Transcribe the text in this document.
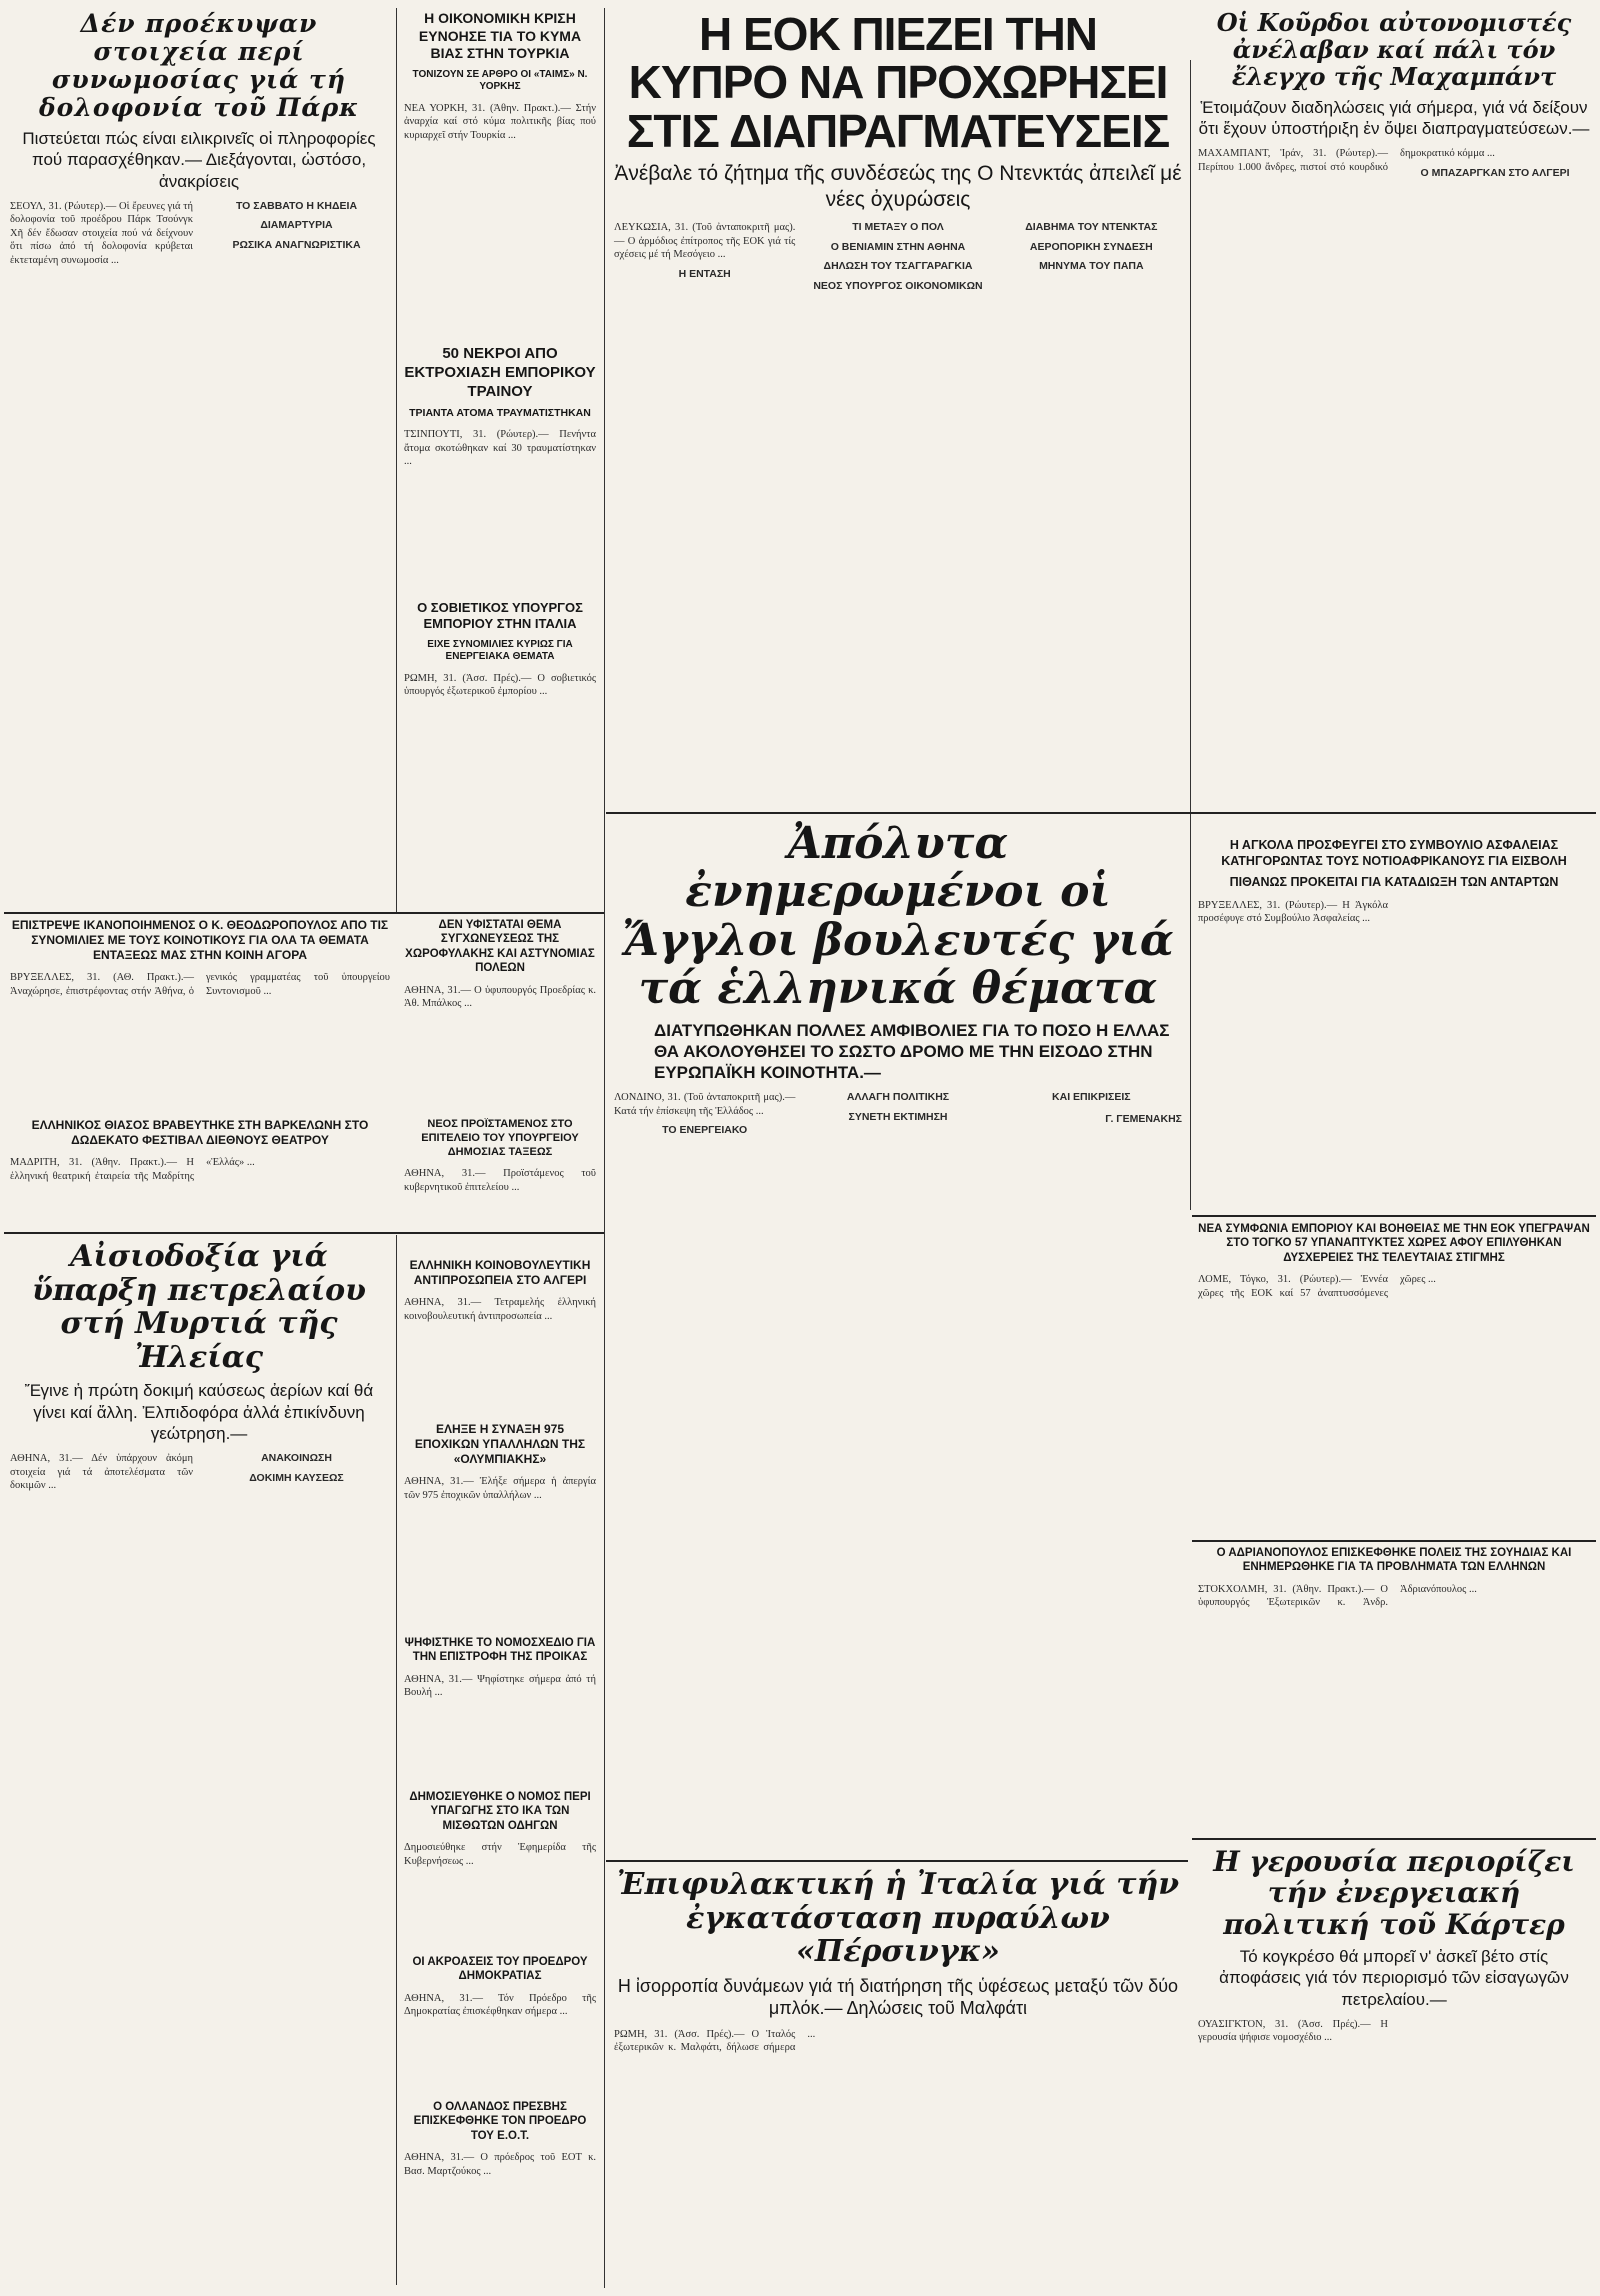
Δέν προέκυψαν στοιχεία περί συνωμοσίας γιά τή δολοφονία τοῦ Πάρκ

Πιστεύεται πώς είναι ειλικρινεῖς οἱ πληροφορίες πού παρασχέθηκαν.— Διεξάγονται, ὡστόσο, ἀνακρίσεις

ΣΕΟΥΛ, 31. (Ρώυτερ).— Οἱ ἔρευνες γιά τή δολοφονία τοῦ προέδρου Πάρκ Τσούνγκ Χῆ δέν ἔδωσαν στοιχεία πού νά δείχνουν ὅτι πίσω ἀπό τή δολοφονία κρύβεται ἐκτεταμένη συνωμοσία ...

ΤΟ ΣΑΒΒΑΤΟ Η ΚΗΔΕΙΑ
ΔΙΑΜΑΡΤΥΡΙΑ
ΡΩΣΙΚΑ ΑΝΑΓΝΩΡΙΣΤΙΚΑ
Η ΟΙΚΟΝΟΜΙΚΗ ΚΡΙΣΗ ΕΥΝΟΗΣΕ ΤΙΑ ΤΟ ΚΥΜΑ ΒΙΑΣ ΣΤΗΝ ΤΟΥΡΚΙΑ

ΤΟΝΙΖΟΥΝ ΣΕ ΑΡΘΡΟ ΟΙ «ΤΑΙΜΣ» Ν. ΥΟΡΚΗΣ

ΝΕΑ ΥΟΡΚΗ, 31. (Ἀθην. Πρακτ.).— Στήν ἀναρχία καί στό κύμα πολιτικῆς βίας πού κυριαρχεῖ στήν Τουρκία ...
50 ΝΕΚΡΟΙ ΑΠΟ ΕΚΤΡΟΧΙΑΣΗ ΕΜΠΟΡΙΚΟΥ ΤΡΑΙΝΟΥ

ΤΡΙΑΝΤΑ ΑΤΟΜΑ ΤΡΑΥΜΑΤΙΣΤΗΚΑΝ

ΤΣΙΝΠΟΥΤΙ, 31. (Ρώυτερ).— Πενήντα ἄτομα σκοτώθηκαν καί 30 τραυματίστηκαν ...
Ο ΣΟΒΙΕΤΙΚΟΣ ΥΠΟΥΡΓΟΣ ΕΜΠΟΡΙΟΥ ΣΤΗΝ ΙΤΑΛΙΑ

ΕΙΧΕ ΣΥΝΟΜΙΛΙΕΣ ΚΥΡΙΩΣ ΓΙΑ ΕΝΕΡΓΕΙΑΚΑ ΘΕΜΑΤΑ

ΡΩΜΗ, 31. (Ἀσσ. Πρές).— Ο σοβιετικός ὑπουργός ἐξωτερικοῦ ἐμπορίου ...
ΕΠΙΣΤΡΕΨΕ ΙΚΑΝΟΠΟΙΗΜΕΝΟΣ Ο Κ. ΘΕΟΔΩΡΟΠΟΥΛΟΣ ΑΠΟ ΤΙΣ ΣΥΝΟΜΙΛΙΕΣ ΜΕ ΤΟΥΣ ΚΟΙΝΟΤΙΚΟΥΣ ΓΙΑ ΟΛΑ ΤΑ ΘΕΜΑΤΑ ΕΝΤΑΞΕΩΣ ΜΑΣ ΣΤΗΝ ΚΟΙΝΗ ΑΓΟΡΑ
ΒΡΥΞΕΛΛΕΣ, 31. (ΑΘ. Πρακτ.).— Ἀναχώρησε, ἐπιστρέφοντας στήν Ἀθήνα, ὁ γενικός γραμματέας τοῦ ὑπουργείου Συντονισμοῦ ...
ΕΛΛΗΝΙΚΟΣ ΘΙΑΣΟΣ ΒΡΑΒΕΥΤΗΚΕ ΣΤΗ ΒΑΡΚΕΛΩΝΗ ΣΤΟ ΔΩΔΕΚΑΤΟ ΦΕΣΤΙΒΑΛ ΔΙΕΘΝΟΥΣ ΘΕΑΤΡΟΥ
ΜΑΔΡΙΤΗ, 31. (Ἀθην. Πρακτ.).— Η ἑλληνική θεατρική ἐταιρεία τῆς Μαδρίτης «Ἑλλάς» ...
ΔΕΝ ΥΦΙΣΤΑΤΑΙ ΘΕΜΑ ΣΥΓΧΩΝΕΥΣΕΩΣ ΤΗΣ ΧΩΡΟΦΥΛΑΚΗΣ ΚΑΙ ΑΣΤΥΝΟΜΙΑΣ ΠΟΛΕΩΝ
ΑΘΗΝΑ, 31.— Ο ὑφυπουργός Προεδρίας κ. Ἀθ. Μπάλκος ...
ΝΕΟΣ ΠΡΟΪΣΤΑΜΕΝΟΣ ΣΤΟ ΕΠΙΤΕΛΕΙΟ ΤΟΥ ΥΠΟΥΡΓΕΙΟΥ ΔΗΜΟΣΙΑΣ ΤΑΞΕΩΣ
ΑΘΗΝΑ, 31.— Προϊστάμενος τοῦ κυβερνητικοῦ ἐπιτελείου ...
Αἰσιοδοξία γιά ὕπαρξη πετρελαίου στή Μυρτιά τῆς Ἠλείας

Ἔγινε ἡ πρώτη δοκιμή καύσεως ἀερίων καί θά γίνει καί ἄλλη. Ἐλπιδοφόρα ἀλλά ἐπικίνδυνη γεώτρηση.—

ΑΘΗΝΑ, 31.— Δέν ὑπάρχουν ἀκόμη στοιχεία γιά τά ἀποτελέσματα τῶν δοκιμῶν ...
ΑΝΑΚΟΙΝΩΣΗ
ΔΟΚΙΜΗ ΚΑΥΣΕΩΣ
ΕΛΛΗΝΙΚΗ ΚΟΙΝΟΒΟΥΛΕΥΤΙΚΗ ΑΝΤΙΠΡΟΣΩΠΕΙΑ ΣΤΟ ΑΛΓΕΡΙ
ΑΘΗΝΑ, 31.— Τετραμελής ἑλληνική κοινοβουλευτική ἀντιπροσωπεία ...
ΕΛΗΞΕ Η ΣΥΝΑΞΗ 975 ΕΠΟΧΙΚΩΝ ΥΠΑΛΛΗΛΩΝ ΤΗΣ «ΟΛΥΜΠΙΑΚΗΣ»
ΑΘΗΝΑ, 31.— Ἐλήξε σήμερα ἡ ἀπεργία τῶν 975 ἐποχικῶν ὑπαλλήλων ...
ΨΗΦΙΣΤΗΚΕ ΤΟ ΝΟΜΟΣΧΕΔΙΟ ΓΙΑ ΤΗΝ ΕΠΙΣΤΡΟΦΗ ΤΗΣ ΠΡΟΙΚΑΣ
ΑΘΗΝΑ, 31.— Ψηφίστηκε σήμερα ἀπό τή Βουλή ...
ΔΗΜΟΣΙΕΥΘΗΚΕ Ο ΝΟΜΟΣ ΠΕΡΙ ΥΠΑΓΩΓΗΣ ΣΤΟ ΙΚΑ ΤΩΝ ΜΙΣΘΩΤΩΝ ΟΔΗΓΩΝ
Δημοσιεύθηκε στήν Ἐφημερίδα τῆς Κυβερνήσεως ...
ΟΙ ΑΚΡΟΑΣΕΙΣ ΤΟΥ ΠΡΟΕΔΡΟΥ ΔΗΜΟΚΡΑΤΙΑΣ
ΑΘΗΝΑ, 31.— Τόν Πρόεδρο τῆς Δημοκρατίας ἐπισκέφθηκαν σήμερα ...
Ο ΟΛΛΑΝΔΟΣ ΠΡΕΣΒΗΣ ΕΠΙΣΚΕΦΘΗΚΕ ΤΟΝ ΠΡΟΕΔΡΟ ΤΟΥ Ε.Ο.Τ.
ΑΘΗΝΑ, 31.— Ο πρόεδρος τοῦ ΕΟΤ κ. Βασ. Μαρτζούκος ...
Η ΕΟΚ ΠΙΕΖΕΙ ΤΗΝ ΚΥΠΡΟ ΝΑ ΠΡΟΧΩΡΗΣΕΙ ΣΤΙΣ ΔΙΑΠΡΑΓΜΑΤΕΥΣΕΙΣ

Ἀνέβαλε τό ζήτημα τῆς συνδέσεώς της Ο Ντενκτάς ἀπειλεῖ μέ νέες ὀχυρώσεις

ΛΕΥΚΩΣΙΑ, 31. (Τοῦ ἀνταποκριτῆ μας).— Ο ἀρμόδιος ἐπίτροπος τῆς ΕΟΚ γιά τίς σχέσεις μέ τή Μεσόγειο ...
Η ΕΝΤΑΣΗ
ΤΙ ΜΕΤΑΞΥ Ο ΠΟΛ
Ο ΒΕΝΙΑΜΙΝ ΣΤΗΝ ΑΘΗΝΑ
ΔΗΛΩΣΗ ΤΟΥ ΤΣΑΓΓΑΡΑΓΚΙΑ
ΝΕΟΣ ΥΠΟΥΡΓΟΣ ΟΙΚΟΝΟΜΙΚΩΝ
ΔΙΑΒΗΜΑ ΤΟΥ ΝΤΕΝΚΤΑΣ
ΑΕΡΟΠΟΡΙΚΗ ΣΥΝΔΕΣΗ
ΜΗΝΥΜΑ ΤΟΥ ΠΑΠΑ
Οἱ Κοῦρδοι αὐτονομιστές ἀνέλαβαν καί πάλι τόν ἔλεγχο τῆς Μαχαμπάντ

Ἑτοιμάζουν διαδηλώσεις γιά σήμερα, γιά νά δείξουν ὅτι ἔχουν ὑποστήριξη ἐν ὄψει διαπραγματεύσεων.—

ΜΑΧΑΜΠΑΝΤ, Ἰράν, 31. (Ρώυτερ).— Περίπου 1.000 ἄνδρες, πιστοί στό κουρδικό δημοκρατικό κόμμα ...
Ο ΜΠΑΖΑΡΓΚΑΝ ΣΤΟ ΑΛΓΕΡΙ
Η ΑΓΚΟΛΑ ΠΡΟΣΦΕΥΓΕΙ ΣΤΟ ΣΥΜΒΟΥΛΙΟ ΑΣΦΑΛΕΙΑΣ ΚΑΤΗΓΟΡΩΝΤΑΣ ΤΟΥΣ ΝΟΤΙΟΑΦΡΙΚΑΝΟΥΣ ΓΙΑ ΕΙΣΒΟΛΗ

ΠΙΘΑΝΩΣ ΠΡΟΚΕΙΤΑΙ ΓΙΑ ΚΑΤΑΔΙΩΞΗ ΤΩΝ ΑΝΤΑΡΤΩΝ

ΒΡΥΞΕΛΛΕΣ, 31. (Ρώυτερ).— Η Ἀγκόλα προσέφυγε στό Συμβούλιο Ἀσφαλείας ...
Ἀπόλυτα ἐνημερωμένοι οἱ Ἄγγλοι βουλευτές γιά τά ἑλληνικά θέματα

ΔΙΑΤΥΠΩΘΗΚΑΝ ΠΟΛΛΕΣ ΑΜΦΙΒΟΛΙΕΣ ΓΙΑ ΤΟ ΠΟΣΟ Η ΕΛΛΑΣ ΘΑ ΑΚΟΛΟΥΘΗΣΕΙ ΤΟ ΣΩΣΤΟ ΔΡΟΜΟ ΜΕ ΤΗΝ ΕΙΣΟΔΟ ΣΤΗΝ ΕΥΡΩΠΑΪΚΗ ΚΟΙΝΟΤΗΤΑ.—

ΛΟΝΔΙΝΟ, 31. (Τοῦ ἀνταποκριτῆ μας).— Κατά τήν ἐπίσκεψη τῆς Ἐλλάδος ...
ΤΟ ΕΝΕΡΓΕΙΑΚΟ
ΑΛΛΑΓΗ ΠΟΛΙΤΙΚΗΣ
ΣΥΝΕΤΗ ΕΚΤΙΜΗΣΗ
ΚΑΙ ΕΠΙΚΡΙΣΕΙΣ
Γ. ΓΕΜΕΝΑΚΗΣ
Ἐπιφυλακτική ἡ Ἰταλία γιά τήν ἐγκατάσταση πυραύλων «Πέρσινγκ»

Η ἰσορροπία δυνάμεων γιά τή διατήρηση τῆς ὑφέσεως μεταξύ τῶν δύο μπλόκ.— Δηλώσεις τοῦ Μαλφάτι

ΡΩΜΗ, 31. (Ἀσσ. Πρές).— Ο Ἰταλός ἐξωτερικῶν κ. Μαλφάτι, δήλωσε σήμερα ...
ΝΕΑ ΣΥΜΦΩΝΙΑ ΕΜΠΟΡΙΟΥ ΚΑΙ ΒΟΗΘΕΙΑΣ ΜΕ ΤΗΝ ΕΟΚ ΥΠΕΓΡΑΨΑΝ ΣΤΟ ΤΟΓΚΟ 57 ΥΠΑΝΑΠΤΥΚΤΕΣ ΧΩΡΕΣ ΑΦΟΥ ΕΠΙΛΥΘΗΚΑΝ ΔΥΣΧΕΡΕΙΕΣ ΤΗΣ ΤΕΛΕΥΤΑΙΑΣ ΣΤΙΓΜΗΣ
ΛΟΜΕ, Τόγκο, 31. (Ρώυτερ).— Ἐννέα χῶρες τῆς ΕΟΚ καί 57 ἀναπτυσσόμενες χῶρες ...
Ο ΑΔΡΙΑΝΟΠΟΥΛΟΣ ΕΠΙΣΚΕΦΘΗΚΕ ΠΟΛΕΙΣ ΤΗΣ ΣΟΥΗΔΙΑΣ ΚΑΙ ΕΝΗΜΕΡΩΘΗΚΕ ΓΙΑ ΤΑ ΠΡΟΒΛΗΜΑΤΑ ΤΩΝ ΕΛΛΗΝΩΝ
ΣΤΟΚΧΟΛΜΗ, 31. (Ἀθην. Πρακτ.).— Ο ὑφυπουργός Ἐξωτερικῶν κ. Ἀνδρ. Ἀδριανόπουλος ...
Η γερουσία περιορίζει τήν ἐνεργειακή πολιτική τοῦ Κάρτερ

Τό κογκρέσο θά μπορεῖ ν' ἀσκεῖ βέτο στίς ἀποφάσεις γιά τόν περιορισμό τῶν εἰσαγωγῶν πετρελαίου.—

ΟΥΑΣΙΓΚΤΟΝ, 31. (Ἀσσ. Πρές).— Η γερουσία ψήφισε νομοσχέδιο ...
